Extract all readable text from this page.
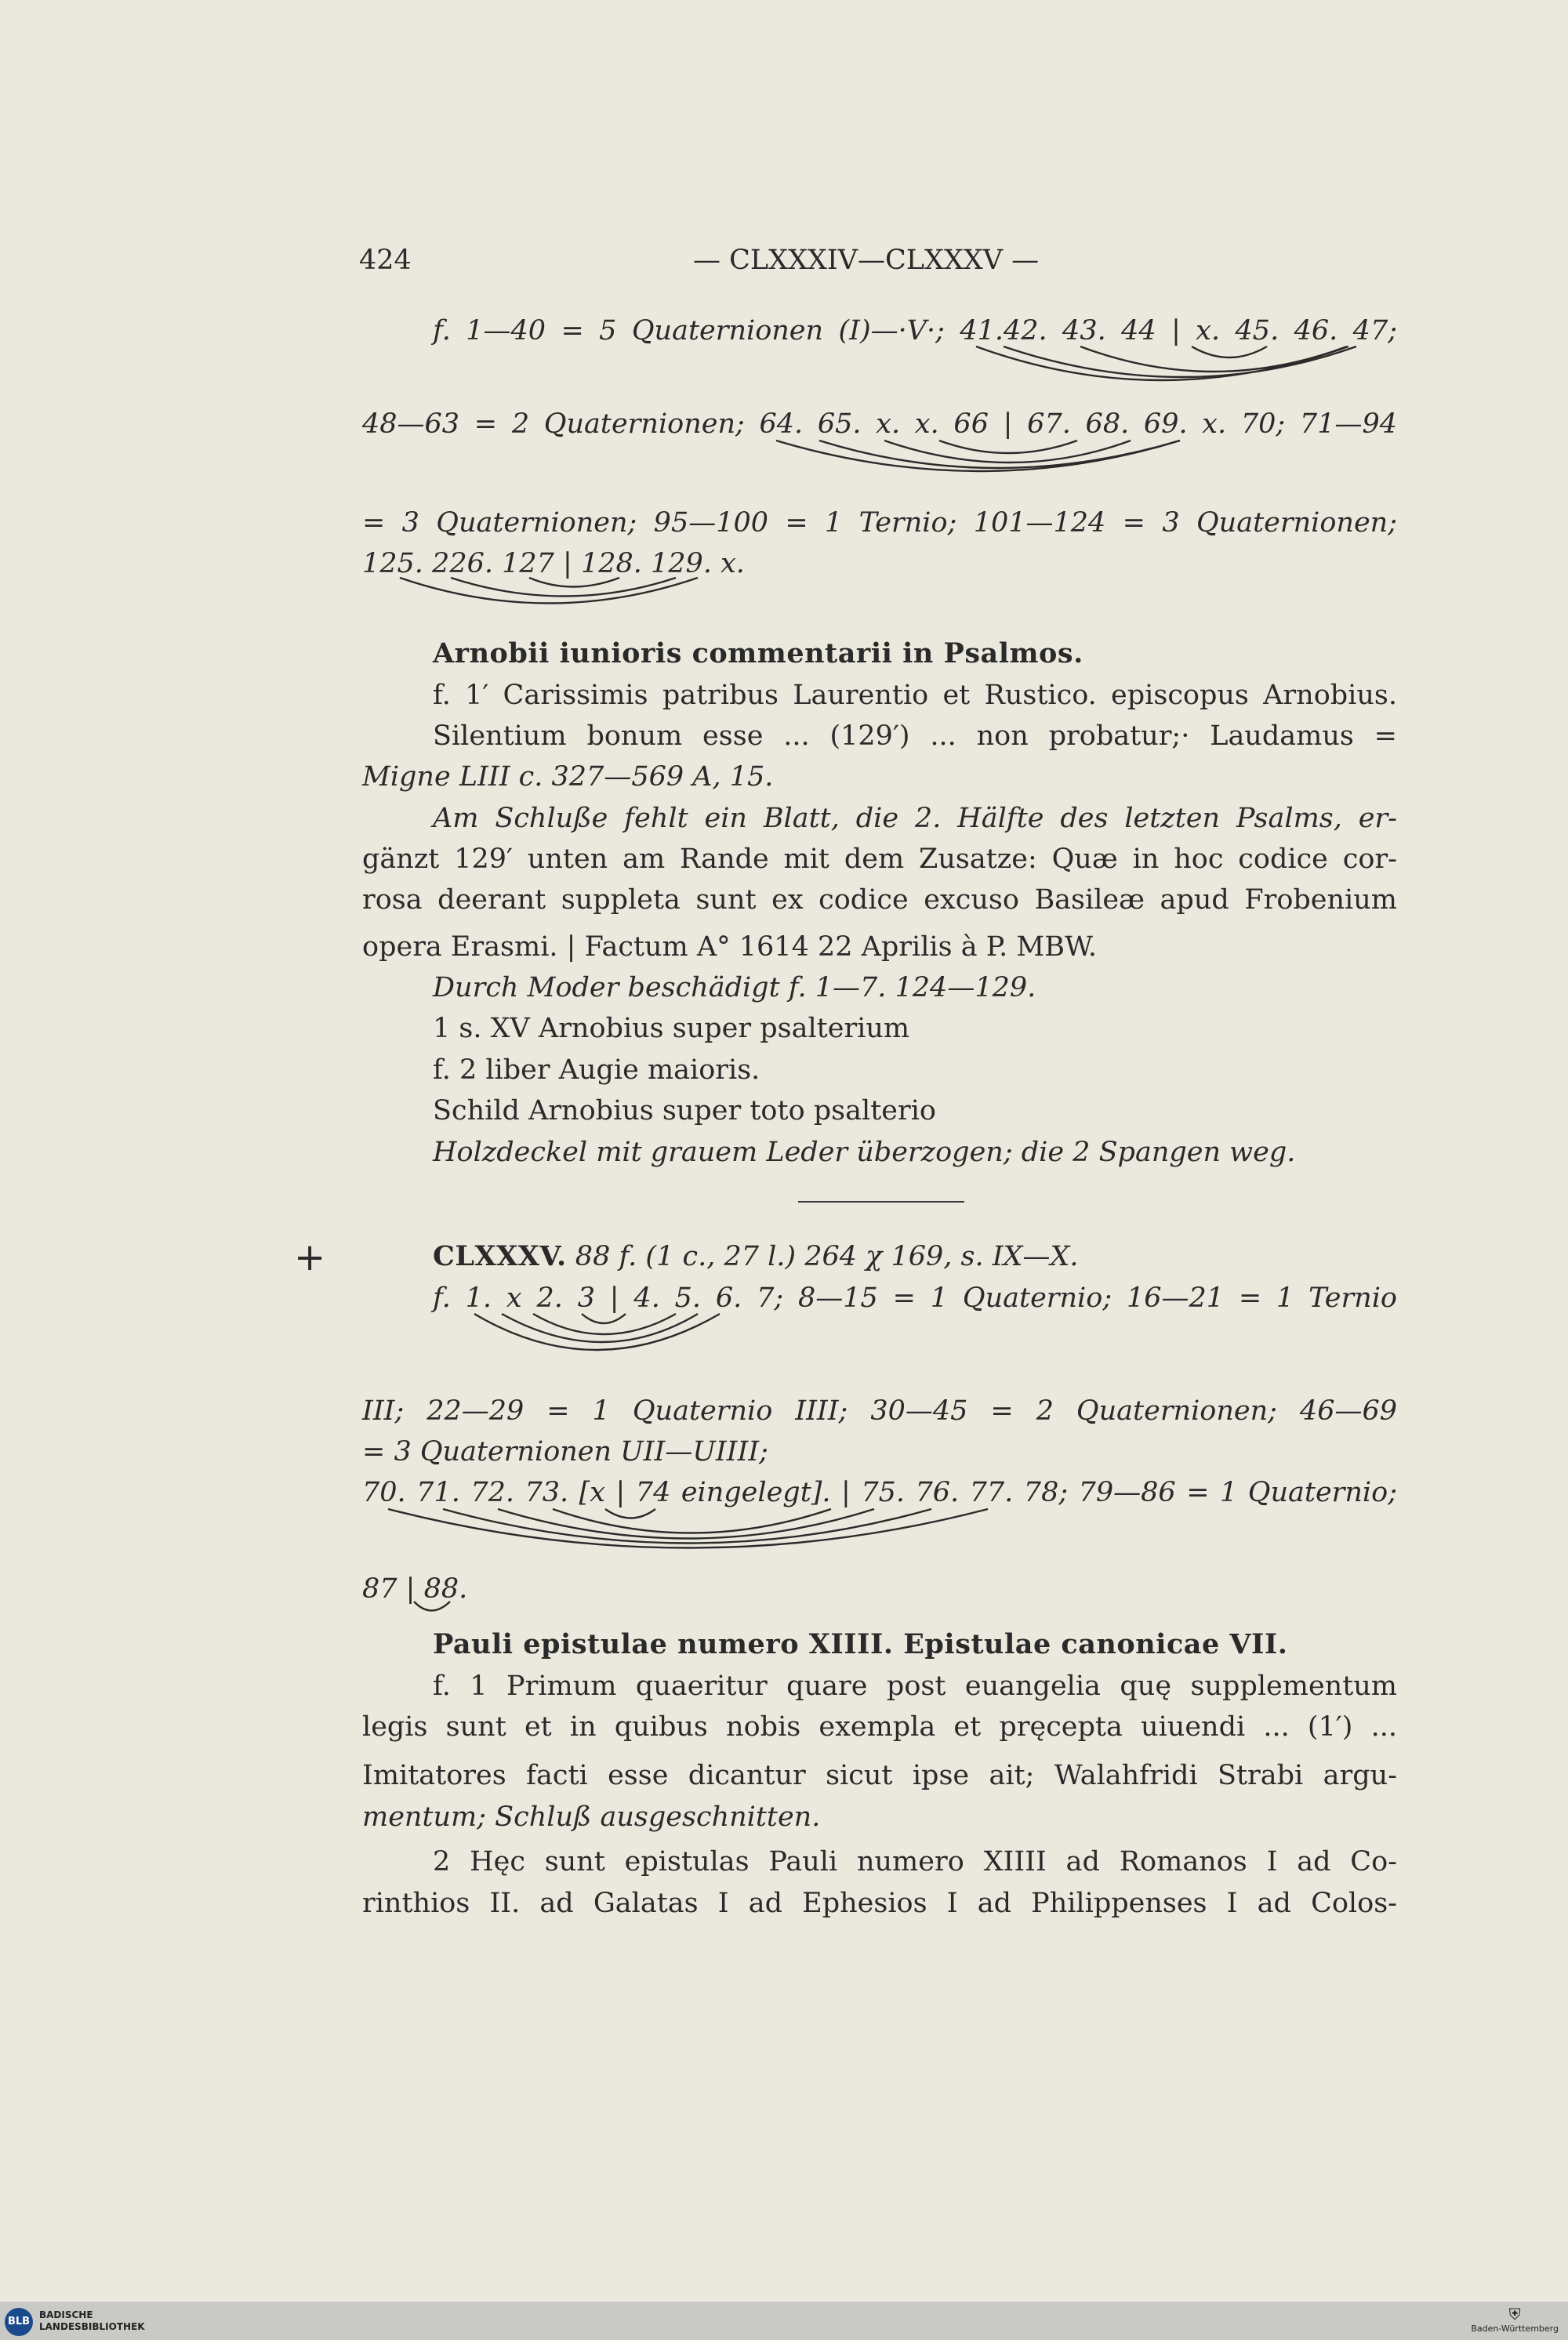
424	— CLXXXIV—CLXXXV —
f. 1—40 = 5 Quaternionen (I)—·V·; 41.42. 43. 44 | x. 45. 46. 47;
48—63 = 2 Quaternionen; 64. 65. x. x. 66 | 67. 68. 69. x. 70; 71—94
= 3 Quaternionen; 95—100 = 1 Ternio; 101—124 = 3 Quaternionen;
125. 226. 127 | 128. 129. x.
Arnobii iunioris commentarii in Psalmos.
f. 1′ Carissimis patribus Laurentio et Rustico. episcopus Arnobius.
Silentium bonum esse ... (129′) ... non probatur;· Laudamus =
Migne LIII c. 327—569 A, 15.
Am Schluße fehlt ein Blatt, die 2. Hälfte des letzten Psalms, er-
gänzt 129′ unten am Rande mit dem Zusatze: Quæ in hoc codice cor-
rosa deerant suppleta sunt ex codice excuso Basileæ apud Frobenium
opera Erasmi. | Factum A° 1614 22 Aprilis à P. MBW.
Durch Moder beschädigt f. 1—7. 124—129.
1 s. XV Arnobius super psalterium
f. 2 liber Augie maioris.
Schild Arnobius super toto psalterio
Holzdeckel mit grauem Leder überzogen; die 2 Spangen weg.
+	CLXXXV. 88 f. (1 c., 27 l.) 264 χ 169, s. IX—X.
f. 1. x 2. 3 | 4. 5. 6. 7; 8—15 = 1 Quaternio; 16—21 = 1 Ternio
III; 22—29 = 1 Quaternio IIII; 30—45 = 2 Quaternionen; 46—69
= 3 Quaternionen UII—UIIII;
70. 71. 72. 73. [x | 74 eingelegt]. | 75. 76. 77. 78; 79—86 = 1 Quaternio;
87 | 88.
Pauli epistulae numero XIIII. Epistulae canonicae VII.
f. 1 Primum quaeritur quare post euangelia quę supplementum
legis sunt et in quibus nobis exempla et pręcepta uiuendi ... (1′) ...
Imitatores facti esse dicantur sicut ipse ait; Walahfridi Strabi argu-
mentum; Schluß ausgeschnitten.
2 Hęc sunt epistulas Pauli numero XIIII ad Romanos I ad Co-
rinthios II. ad Galatas I ad Ephesios I ad Philippenses I ad Colos-
BLB
BADISCHE
LANDESBIBLIOTHEK
⛨
Baden-Württemberg
